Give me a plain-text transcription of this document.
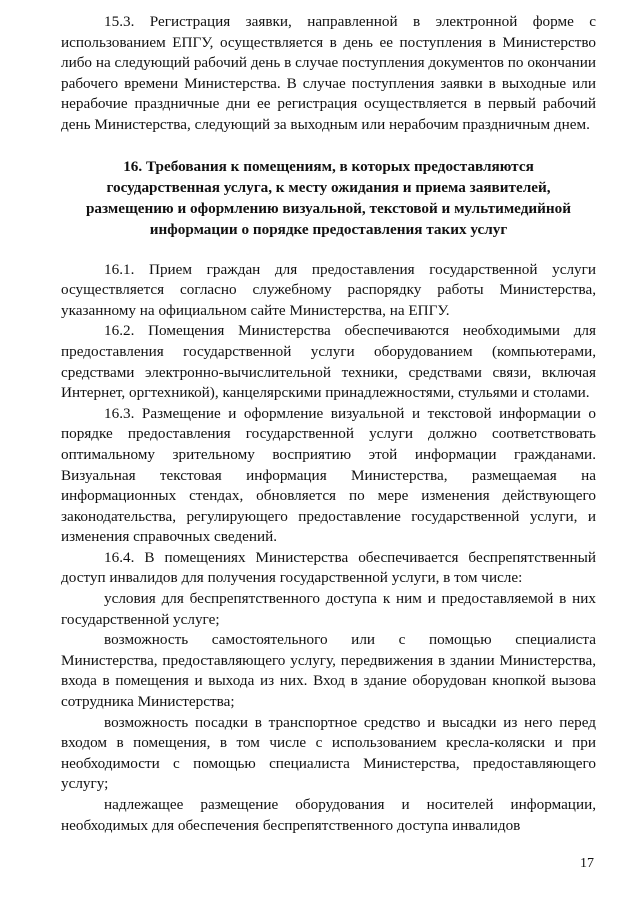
15.3. Регистрация заявки, направленной в электронной форме с использованием ЕПГУ, осуществляется в день ее поступления в Министерство либо на следующий рабочий день в случае поступления документов по окончании рабочего времени Министерства. В случае поступления заявки в выходные или нерабочие праздничные дни ее регистрация осуществляется в первый рабочий день Министерства, следующий за выходным или нерабочим праздничным днем.

16. Требования к помещениям, в которых предоставляются государственная услуга, к месту ожидания и приема заявителей, размещению и оформлению визуальной, текстовой и мультимедийной информации о порядке предоставления таких услуг

16.1. Прием граждан для предоставления государственной услуги осуществляется согласно служебному распорядку работы Министерства, указанному на официальном сайте Министерства, на ЕПГУ.

16.2. Помещения Министерства обеспечиваются необходимыми для предоставления государственной услуги оборудованием (компьютерами, средствами электронно-вычислительной техники, средствами связи, включая Интернет, оргтехникой), канцелярскими принадлежностями, стульями и столами.

16.3. Размещение и оформление визуальной и текстовой информации о порядке предоставления государственной услуги должно соответствовать оптимальному зрительному восприятию этой информации гражданами. Визуальная текстовая информация Министерства, размещаемая на информационных стендах, обновляется по мере изменения действующего законодательства, регулирующего предоставление государственной услуги, и изменения справочных сведений.

16.4. В помещениях Министерства обеспечивается беспрепятственный доступ инвалидов для получения государственной услуги, в том числе:

условия для беспрепятственного доступа к ним и предоставляемой в них государственной услуге;

возможность самостоятельного или с помощью специалиста Министерства, предоставляющего услугу, передвижения в здании Министерства, входа в помещения и выхода из них. Вход в здание оборудован кнопкой вызова сотрудника Министерства;

возможность посадки в транспортное средство и высадки из него перед входом в помещения, в том числе с использованием кресла-коляски и при необходимости с помощью специалиста Министерства, предоставляющего услугу;

надлежащее размещение оборудования и носителей информации, необходимых для обеспечения беспрепятственного доступа инвалидов

17
